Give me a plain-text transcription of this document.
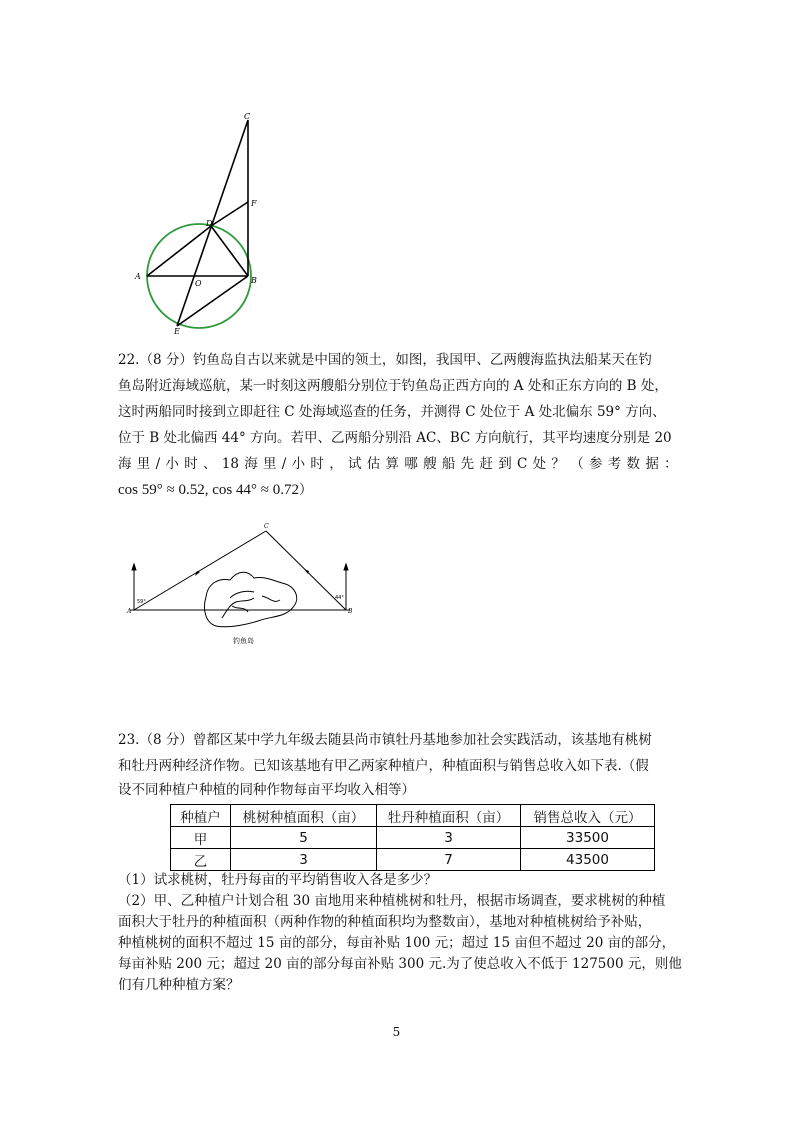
C
F
D
A	B
O
E
22.（8 分）钓鱼岛自古以来就是中国的领土，如图，我国甲、乙两艘海监执法船某天在钓
鱼岛附近海域巡航，某一时刻这两艘船分别位于钓鱼岛正西方向的 A 处和正东方向的 B 处，
这时两船同时接到立即赶往 C 处海域巡查的任务，并测得 C 处位于 A 处北偏东 59° 方向、
位于 B 处北偏西 44° 方向。若甲、乙两船分别沿 AC、BC 方向航行，其平均速度分别是 20
海 里 / 小 时 、 18 海 里 / 小 时 ， 试 估 算 哪 艘 船 先 赶 到 C 处 ？ （ 参 考 数 据 ：
cos 59° ≈ 0.52, cos 44° ≈ 0.72）
C
A	B
59°
44°
钓鱼岛
23.（8 分）曾都区某中学九年级去随县尚市镇牡丹基地参加社会实践活动，该基地有桃树
和牡丹两种经济作物。已知该基地有甲乙两家种植户，种植面积与销售总收入如下表.（假
设不同种植户种植的同种作物每亩平均收入相等）
种植户	桃树种植面积（亩）	牡丹种植面积（亩）	销售总收入（元）
甲	5	3	33500
乙	3	7	43500
（1）试求桃树，牡丹每亩的平均销售收入各是多少？
（2）甲、乙种植户计划合租 30 亩地用来种植桃树和牡丹，根据市场调查，要求桃树的种植
面积大于牡丹的种植面积（两种作物的种植面积均为整数亩），基地对种植桃树给予补贴，
种植桃树的面积不超过 15 亩的部分，每亩补贴 100 元；超过 15 亩但不超过 20 亩的部分，
每亩补贴 200 元；超过 20 亩的部分每亩补贴 300 元.为了使总收入不低于 127500 元，则他
们有几种种植方案？
5
